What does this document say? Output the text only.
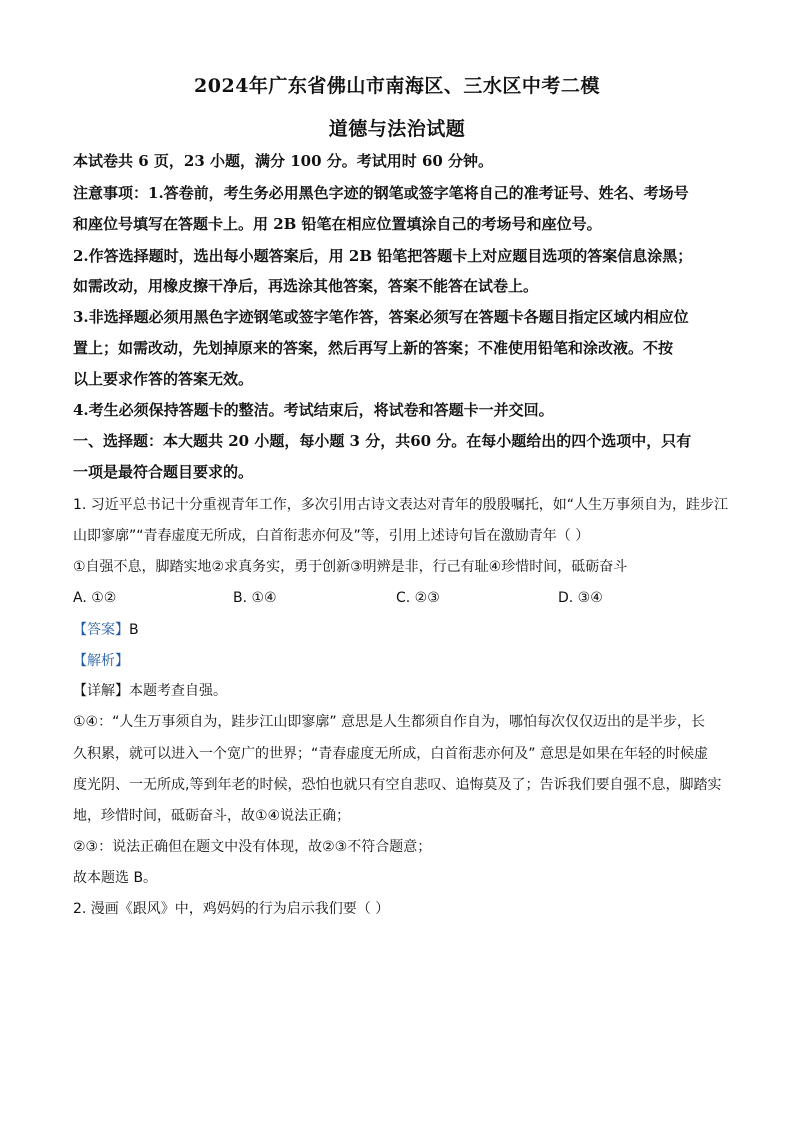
2024年广东省佛山市南海区、三水区中考二模
道德与法治试题
本试卷共 6 页，23 小题，满分 100 分。考试用时 60 分钟。
注意事项：1.答卷前，考生务必用黑色字迹的钢笔或签字笔将自己的准考证号、姓名、考场号
和座位号填写在答题卡上。用 2B 铅笔在相应位置填涂自己的考场号和座位号。
2.作答选择题时，选出每小题答案后，用 2B 铅笔把答题卡上对应题目选项的答案信息涂黑；
如需改动，用橡皮擦干净后，再选涂其他答案，答案不能答在试卷上。
3.非选择题必须用黑色字迹钢笔或签字笔作答，答案必须写在答题卡各题目指定区域内相应位
置上；如需改动，先划掉原来的答案，然后再写上新的答案；不准使用铅笔和涂改液。不按
以上要求作答的答案无效。
4.考生必须保持答题卡的整洁。考试结束后，将试卷和答题卡一并交回。
一、选择题：本大题共 20 小题，每小题 3 分，共60 分。在每小题给出的四个选项中，只有
一项是最符合题目要求的。
1. 习近平总书记十分重视青年工作，多次引用古诗文表达对青年的殷殷嘱托，如“人生万事须自为，跬步江
山即寥廓”“青春虚度无所成，白首衔悲亦何及”等，引用上述诗句旨在激励青年（ ）
①自强不息，脚踏实地②求真务实，勇于创新③明辨是非，行己有耻④珍惜时间，砥砺奋斗
A. ①②	B. ①④	C. ②③	D. ③④
【答案】B
【解析】
【详解】本题考查自强。
①④：“人生万事须自为，跬步江山即寥廓” 意思是人生都须自作自为，哪怕每次仅仅迈出的是半步，长
久积累，就可以进入一个宽广的世界；“青春虚度无所成，白首衔悲亦何及” 意思是如果在年轻的时候虚
度光阴、一无所成,等到年老的时候，恐怕也就只有空自悲叹、追悔莫及了；告诉我们要自强不息，脚踏实
地，珍惜时间，砥砺奋斗，故①④说法正确；
②③：说法正确但在题文中没有体现，故②③不符合题意；
故本题选 B。
2. 漫画《跟风》中，鸡妈妈的行为启示我们要（ ）
